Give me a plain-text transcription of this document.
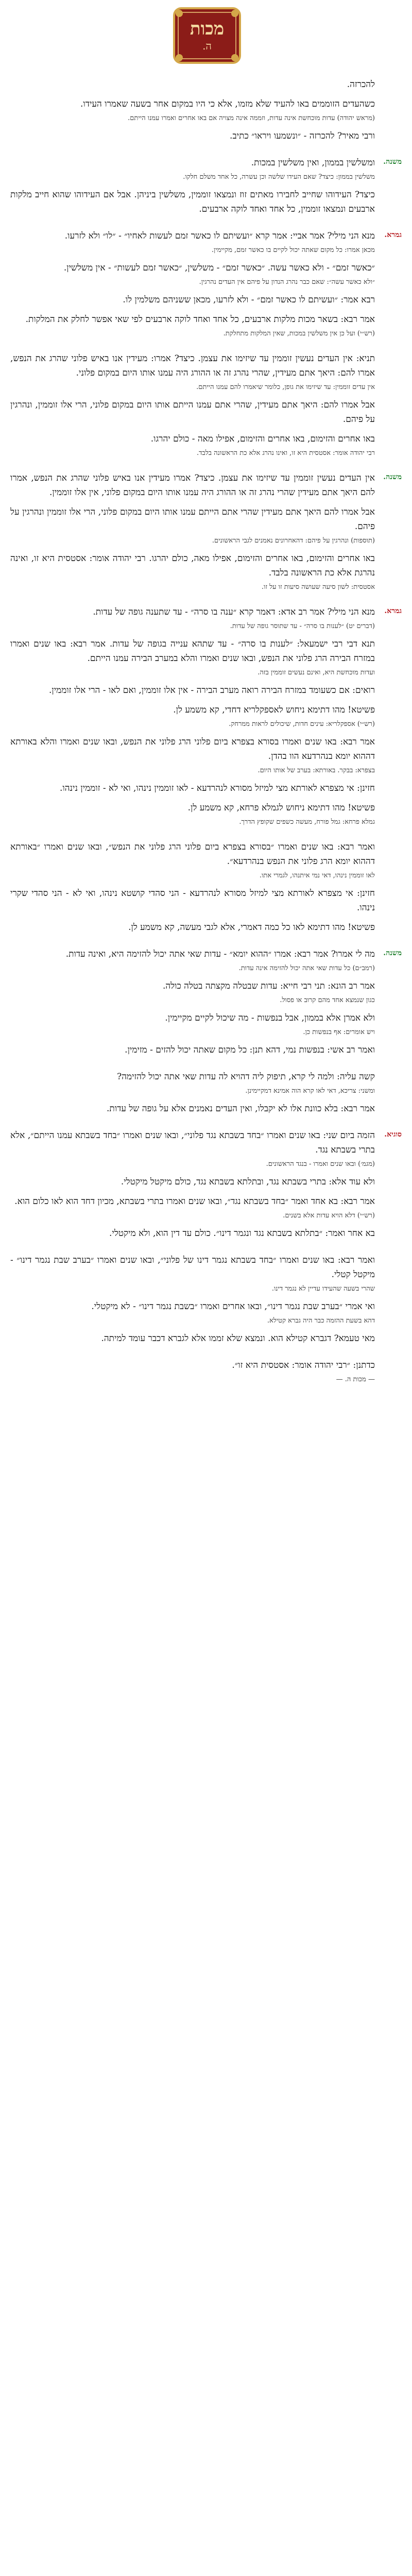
מכות
ה.

להכרזה.

כשהעדים הזוממים באו להעיד שלא מזמו, אלא כי היו במקום אחר בשעה שאמרו העידו.

(מראש יהודה) עדות מוכחשת אינה עדות, וזממה אינה מצויה אם באו אחרים ואמרו עמנו הייתם.

ורבי מאיר? להכרזה - ״ונשמעו ויראו״ כתיב.

משנה.

ומשלשין בממון, ואין משלשין במכות.

משלשין בממון: כיצד? שאם העידו שלשה וכן עשרה, כל אחד משלם חלקו.

כיצד? העידוהו שחייב לחבירו מאתים זוז ונמצאו זוממין, משלשין ביניהן. אבל אם העידוהו שהוא חייב מלקות ארבעים ונמצאו זוממין, כל אחד ואחד לוקה ארבעים.

גמרא.

מנא הני מילי? אמר אביי: אמר קרא ״ועשיתם לו כאשר זמם לעשות לאחיו״ - ״לו״ ולא לזרעו.

מכאן אמרו: כל מקום שאתה יכול לקיים בו כאשר זמם, מקיימין.

״כאשר זמם״ - ולא כאשר עשה. ״כאשר זמם״ - משלשין, ״כאשר זמם לעשות״ - אין משלשין.

״ולא כאשר עשה״: שאם כבר נהרג הנדון על פיהם אין העדים נהרגין.

רבא אמר: ״ועשיתם לו כאשר זמם״ - ולא לזרעו, מכאן ששניהם משלמין לו.

אמר רבא: בשאר מכות מלקות ארבעים, כל אחד ואחד לוקה ארבעים לפי שאי אפשר לחלק את המלקות.

(רש״י) ועל כן אין משלשין במכות, שאין המלקות מתחלקת.

תניא: אין העדים נעשין זוממין עד שיזימו את עצמן. כיצד? אמרו: מעידין אנו באיש פלוני שהרג את הנפש, אמרו להם: היאך אתם מעידין, שהרי נהרג זה או ההורג היה עמנו אותו היום במקום פלוני.

אין עדים זוממין: עד שיזימו את גופן, כלומר שיאמרו להם עמנו הייתם.

אבל אמרו להם: היאך אתם מעידין, שהרי אתם עמנו הייתם אותו היום במקום פלוני, הרי אלו זוממין, ונהרגין על פיהם.

באו אחרים והזימום, באו אחרים והזימום, אפילו מאה - כולם יהרגו.

רבי יהודה אומר: אסטסית היא זו, ואינו נהרג אלא כת הראשונה בלבד.

משנה.

אין העדים נעשין זוממין עד שיזימו את עצמן. כיצד? אמרו מעידין אנו באיש פלוני שהרג את הנפש, אמרו להם היאך אתם מעידין שהרי נהרג זה או ההורג היה עמנו אותו היום במקום פלוני, אין אלו זוממין.

אבל אמרו להם היאך אתם מעידין שהרי אתם הייתם עמנו אותו היום במקום פלוני, הרי אלו זוממין ונהרגין על פיהם.

(תוספות) ונהרגין על פיהם: דהאחרונים נאמנים לגבי הראשונים.

באו אחרים והזימום, באו אחרים והזימום, אפילו מאה, כולם יהרגו. רבי יהודה אומר: אסטסית היא זו, ואינה נהרגת אלא כת הראשונה בלבד.

אסטסית: לשון סיעה שעושה סיעות זו על זו.

גמרא.

מנא הני מילי? אמר רב אדא: דאמר קרא ״ענה בו סרה״ - עד שתענה גופה של עדות.

(דברים יט) ״לענות בו סרה״ - עד שתוסר גופה של עדות.

תנא דבי רבי ישמעאל: ״לענות בו סרה״ - עד שתהא ענייה בגופה של עדות. אמר רבא: באו שנים ואמרו במזרח הבירה הרג פלוני את הנפש, ובאו שנים ואמרו והלא במערב הבירה עמנו הייתם.

ועדות מוכחשת היא, ואינם נעשים זוממין בזה.

רואים: אם כשעומד במזרח הבירה רואה מערב הבירה - אין אלו זוממין, ואם לאו - הרי אלו זוממין.

פשיטא! מהו דתימא ניחוש לאספקלריא דחדי, קא משמע לן.

(רש״י) אספקלריא: עינים חדות, שיכולים לראות ממרחק.

אמר רבא: באו שנים ואמרו בסורא בצפרא ביום פלוני הרג פלוני את הנפש, ובאו שנים ואמרו והלא באורתא דההוא יומא בנהרדעא הוו בהדן.

בצפרא: בבקר. באורתא: בערב של אותו היום.

חזינן: אי מצפרא לאורתא מצי למיזל מסורא לנהרדעא - לאו זוממין נינהו, ואי לא - זוממין נינהו.

פשיטא! מהו דתימא ניחוש לגמלא פרחא, קא משמע לן.

גמלא פרחא: גמל פורח, מעשה כשפים שקופץ הדרך.

ואמר רבא: באו שנים ואמרו ״בסורא בצפרא ביום פלוני הרג פלוני את הנפש״, ובאו שנים ואמרו ״באורתא דההוא יומא הרג פלוני את הנפש בנהרדעא״.

לאו זוממין נינהו, דאי נמי איתנהו, לגמרי אתו.

חזינן: אי מצפרא לאורתא מצי למיזל מסורא לנהרדעא - הני סהדי קושטא נינהו, ואי לא - הני סהדי שקרי נינהו.

פשיטא! מהו דתימא לאו כל כמה דאמרי, אלא לגבי מעשה, קא משמע לן.

משנה.

מה לי אמרו? אמר רבא: אמרו ״ההוא יומא״ - עדות שאי אתה יכול להזימה היא, ואינה עדות.

(רמב״ם) כל עדות שאי אתה יכול להזימה אינה עדות.

אמר רב הונא: תני רבי חייא: עדות שבטלה מקצתה בטלה כולה.

כגון שנמצא אחד מהם קרוב או פסול.

ולא אמרן אלא בממון, אבל בנפשות - מה שיכול לקיים מקיימין.

ויש אומרים: אף בנפשות כן.

ואמר רב אשי: בנפשות נמי, דהא תנן: כל מקום שאתה יכול להזים - מזימין.

קשה עליה: ולמה לי קרא, תיפוק ליה דהויא לה עדות שאי אתה יכול להזימה?

ומשני: צריכא, דאי לאו קרא הוה אמינא דמקיימינן.

אמר רבא: בלא כוונת אלו לא יקבלו, ואין העדים נאמנים אלא על גופה של עדות.

סוגיא.

הזמה ביום שני: באו שנים ואמרו ״בחד בשבתא נגד פלוני״, ובאו שנים ואמרו ״בחד בשבתא עמנו הייתם״, אלא בתרי בשבתא נגד.

(מגמ׳) ובאו שנים ואמרו - בנגד הראשונים.

ולא עוד אלא: בתרי בשבתא נגד, ובתלתא בשבתא נגד, כולם מיקטל מיקטלי.

אמר רבא: בא אחד ואמר ״בחד בשבתא נגד״, ובאו שנים ואמרו בתרי בשבתא, מכיון דחד הוא לאו כלום הוא.

(רש״י) דלא הויא עדות אלא בשנים.

בא אחר ואמר: ״בתלתא בשבתא נגד ונגמר דינו״. כולם עד דין הוא, ולא מיקטלי.

ואמר רבא: באו שנים ואמרו ״בחד בשבתא נגמר דינו של פלוני״, ובאו שנים ואמרו ״בערב שבת נגמר דינו״ - מיקטל קטלי.

שהרי בשעה שהעידו עדיין לא נגמר דינו.

ואי אמרי ״בערב שבת נגמר דינו״, ובאו אחרים ואמרו ״בשבת נגמר דינו״ - לא מיקטלי.

דהא בשעת ההזמה כבר היה גברא קטילא.

מאי טעמא? דגברא קטילא הוא. ונמצא שלא זממו אלא לגברא דכבר עומד למיתה.

כדתנן: ״רבי יהודה אומר: אסטסית היא זו״.

— מכות ה. —
